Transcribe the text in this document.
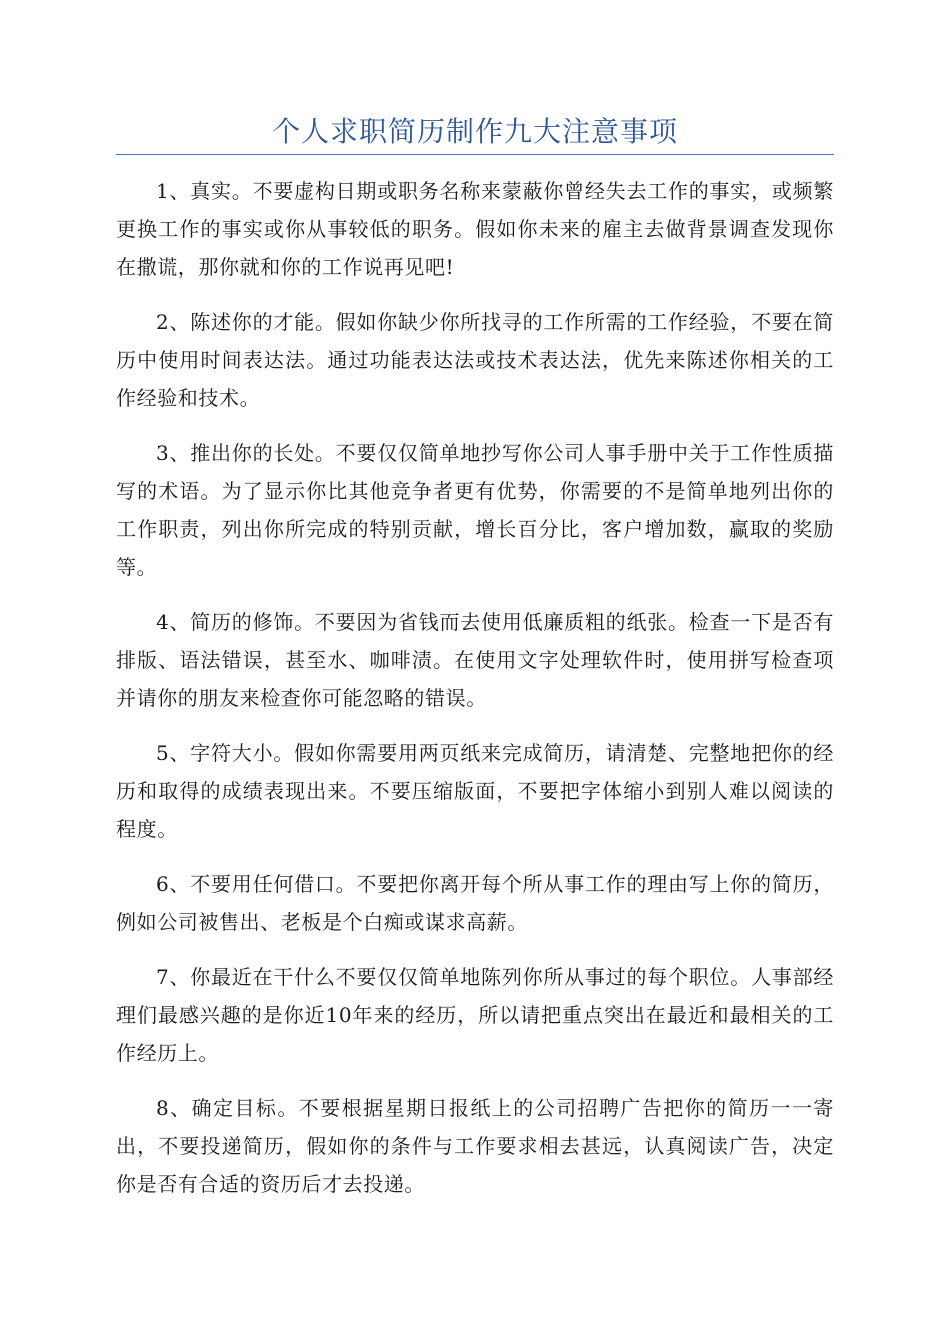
个人求职简历制作九大注意事项

1、真实。不要虚构日期或职务名称来蒙蔽你曾经失去工作的事实，或频繁更换工作的事实或你从事较低的职务。假如你未来的雇主去做背景调查发现你在撒谎，那你就和你的工作说再见吧!

2、陈述你的才能。假如你缺少你所找寻的工作所需的工作经验，不要在简历中使用时间表达法。通过功能表达法或技术表达法，优先来陈述你相关的工作经验和技术。

3、推出你的长处。不要仅仅简单地抄写你公司人事手册中关于工作性质描写的术语。为了显示你比其他竞争者更有优势，你需要的不是简单地列出你的工作职责，列出你所完成的特别贡献，增长百分比，客户增加数，赢取的奖励等。

4、简历的修饰。不要因为省钱而去使用低廉质粗的纸张。检查一下是否有排版、语法错误，甚至水、咖啡渍。在使用文字处理软件时，使用拼写检查项并请你的朋友来检查你可能忽略的错误。

5、字符大小。假如你需要用两页纸来完成简历，请清楚、完整地把你的经历和取得的成绩表现出来。不要压缩版面，不要把字体缩小到别人难以阅读的程度。

6、不要用任何借口。不要把你离开每个所从事工作的理由写上你的简历，例如公司被售出、老板是个白痴或谋求高薪。

7、你最近在干什么不要仅仅简单地陈列你所从事过的每个职位。人事部经理们最感兴趣的是你近10年来的经历，所以请把重点突出在最近和最相关的工作经历上。

8、确定目标。不要根据星期日报纸上的公司招聘广告把你的简历一一寄出，不要投递简历，假如你的条件与工作要求相去甚远，认真阅读广告，决定你是否有合适的资历后才去投递。
